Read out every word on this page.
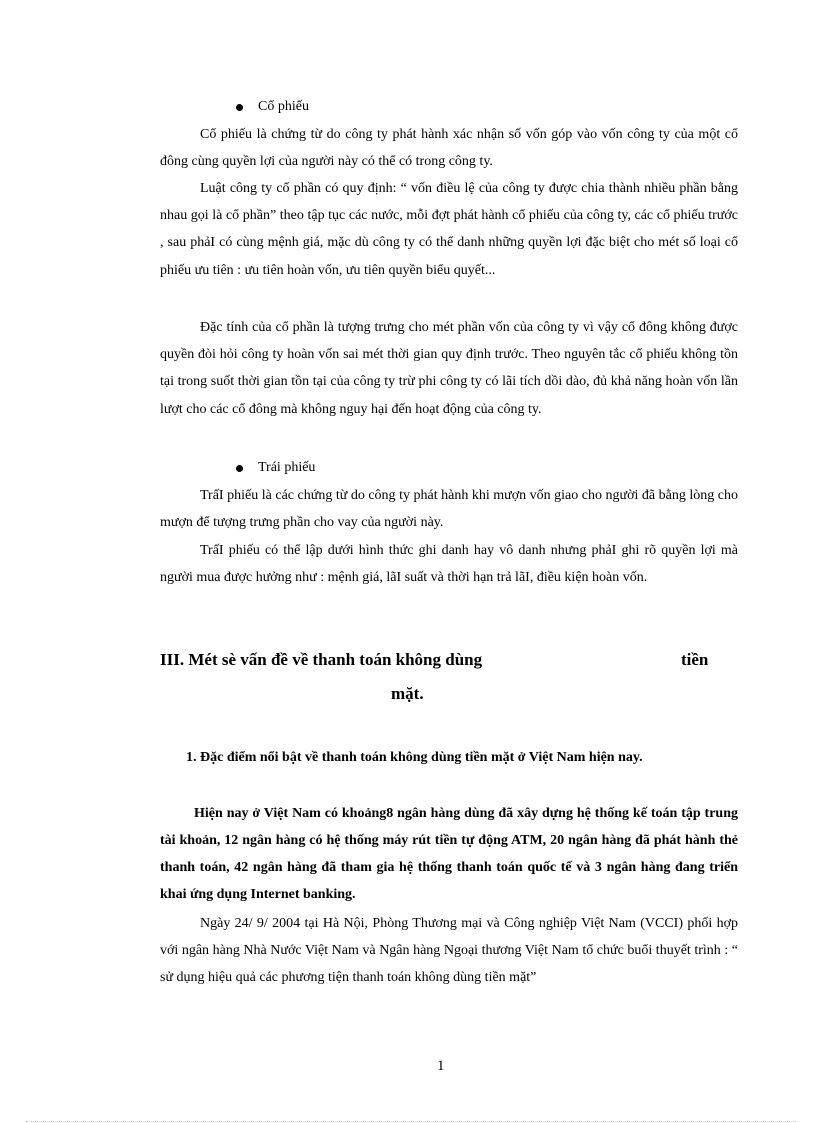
Cổ phiếu
Cổ phiếu là chứng từ do công ty phát hành xác nhận số vốn góp vào vốn công ty của một cổ đông cùng quyền lợi của người này có thể có trong công ty.
Luật công ty cổ phần có quy định: “ vốn điều lệ của công ty được chia thành nhiều phần bằng nhau gọi là cổ phần” theo tập tục các nước, mỗi đợt phát hành cổ phiếu của công ty, các cổ phiếu trước , sau phảI có cùng mệnh giá, mặc dù công ty có thể danh những quyền lợi đặc biệt cho mét số loại cổ phiếu ưu tiên : ưu tiên hoàn vốn, ưu tiên quyền biểu quyết...
Đặc tính của cổ phần là tượng trưng cho mét phần vốn của công ty vì vậy cổ đông không được quyền đòi hỏi công ty hoàn vốn sai mét thời gian quy định trước. Theo nguyên tắc cổ phiếu không tồn tại trong suốt thời gian tồn tại của công ty trừ phi công ty có lãi tích dồi dào, đủ khả năng hoàn vốn lần lượt cho các cổ đông mà không nguy hại đến hoạt động của công ty.
Trái phiếu
TrấI phiếu là các chứng từ do công ty phát hành khi mượn vốn giao cho người đã bằng lòng cho mượn để tượng trưng phần cho vay của người này.
TrấI phiếu có thể lập dưới hình thức ghi danh hay vô danh nhưng phảI ghi rõ quyền lợi mà người mua được hưởng như : mệnh giá, lãI suất và thời hạn trả lãI, điều kiện hoàn vốn.
III. Mét sè vấn đề về thanh toán không dùng	tiền
mặt.
1. Đặc điểm nổi bật về thanh toán không dùng tiền mặt ở Việt Nam hiện nay.
Hiện nay ở Việt Nam có khoảng8 ngân hàng dùng đã xây dựng hệ thống kế toán tập trung tài khoản, 12 ngân hàng có hệ thống máy rút tiền tự động ATM, 20 ngân hàng đã phát hành thẻ thanh toán, 42 ngân hàng đã tham gia hệ thống thanh toán quốc tế và 3 ngân hàng đang triển khai ứng dụng Internet banking.
Ngày 24/ 9/ 2004 tại Hà Nội, Phòng Thương mại và Công nghiệp Việt Nam (VCCI) phối hợp với ngân hàng Nhà Nước Việt Nam và Ngân hàng Ngoại thương Việt Nam tổ chức buổi thuyết trình : “ sử dụng hiệu quả các phương tiện thanh toán không dùng tiền mặt”
1
